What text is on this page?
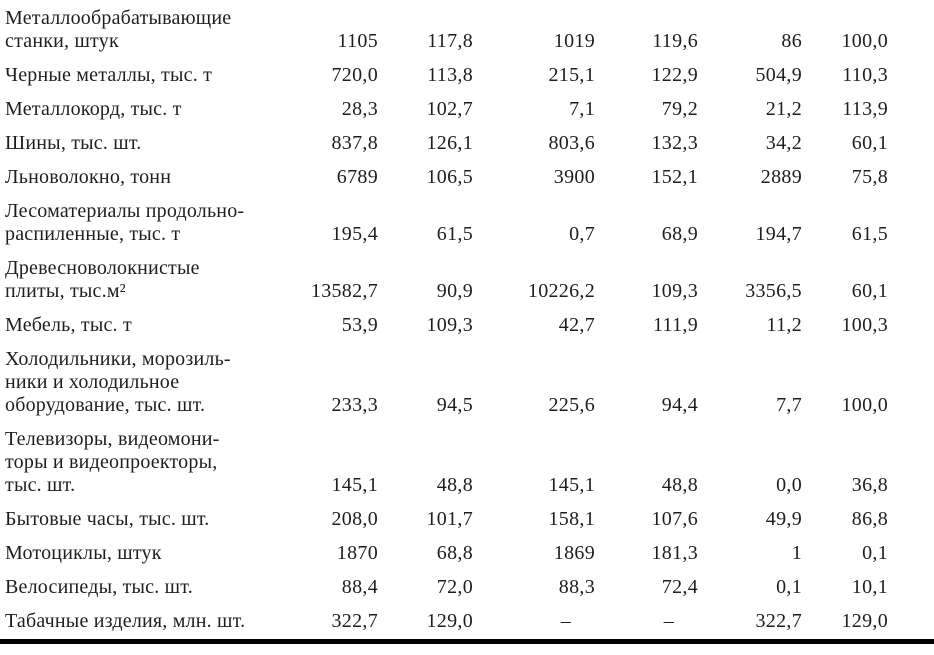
Металлообрабатывающие
станки, штук	1105	117,8	1019	119,6	86	100,0
Черные металлы, тыс. т	720,0	113,8	215,1	122,9	504,9	110,3
Металлокорд, тыс. т	28,3	102,7	7,1	79,2	21,2	113,9
Шины, тыс. шт.	837,8	126,1	803,6	132,3	34,2	60,1
Льноволокно, тонн	6789	106,5	3900	152,1	2889	75,8
Лесоматериалы продольно-
распиленные, тыс. т	195,4	61,5	0,7	68,9	194,7	61,5
Древесноволокнистые
плиты, тыс.м²	13582,7	90,9	10226,2	109,3	3356,5	60,1
Мебель, тыс. т	53,9	109,3	42,7	111,9	11,2	100,3
Холодильники, морозиль-
ники и холодильное
оборудование, тыс. шт.	233,3	94,5	225,6	94,4	7,7	100,0
Телевизоры, видеомони-
торы и видеопроекторы,
тыс. шт.	145,1	48,8	145,1	48,8	0,0	36,8
Бытовые часы, тыс. шт.	208,0	101,7	158,1	107,6	49,9	86,8
Мотоциклы, штук	1870	68,8	1869	181,3	1	0,1
Велосипеды, тыс. шт.	88,4	72,0	88,3	72,4	0,1	10,1
Табачные изделия, млн. шт.	322,7	129,0	–	–	322,7	129,0
